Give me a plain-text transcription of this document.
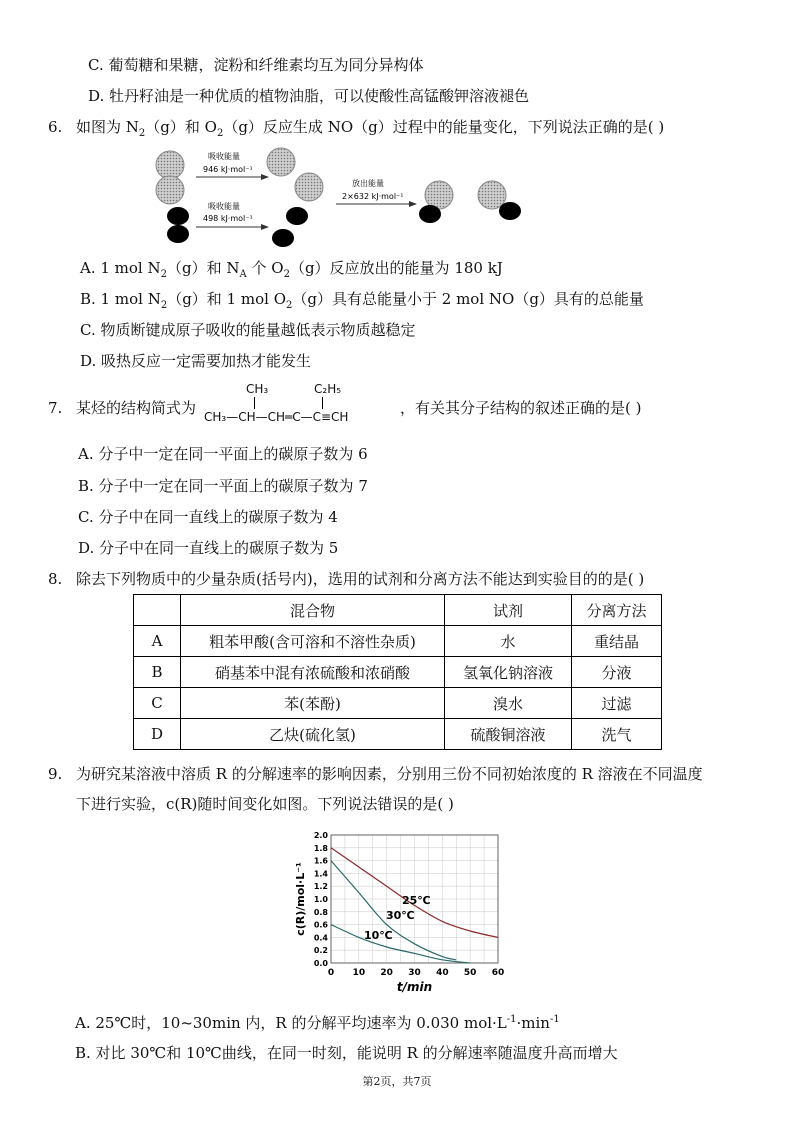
C. 葡萄糖和果糖，淀粉和纤维素均互为同分异构体
D. 牡丹籽油是一种优质的植物油脂，可以使酸性高锰酸钾溶液褪色
6. 如图为 $N_2(g)$和 $O_2(g)$反应生成 NO（g）过程中的能量变化，下列说法正确的是( )
吸收能量
946 kJ·mol⁻¹
吸收能量
498 kJ·mol⁻¹
放出能量
2×632 kJ·mol⁻¹
A. 1 mol $N_2(g)$和 $N_A$ 个 $O_2(g)$反应放出的能量为 180 kJ
B. 1 mol $N_2(g)$和 1 mol $O_2(g)$具有总能量小于 2 mol NO（g）具有的总能量
C. 物质断键成原子吸收的能量越低表示物质越稳定
D. 吸热反应一定需要加热才能发生
7. 某烃的结构简式为
CH₃	C₂H₅
CH₃—CH—CH═C—C≡CH	，有关其分子结构的叙述正确的是( )
A. 分子中一定在同一平面上的碳原子数为 6
B. 分子中一定在同一平面上的碳原子数为 7
C. 分子中在同一直线上的碳原子数为 4
D. 分子中在同一直线上的碳原子数为 5
8. 除去下列物质中的少量杂质(括号内)，选用的试剂和分离方法不能达到实验目的的是( )
	混合物	试剂	分离方法
A	粗苯甲酸(含可溶和不溶性杂质)	水	重结晶
B	硝基苯中混有浓硫酸和浓硝酸	氢氧化钠溶液	分液
C	苯(苯酚)	溴水	过滤
D	乙炔(硫化氢)	硫酸铜溶液	洗气
9. 为研究某溶液中溶质 R 的分解速率的影响因素，分别用三份不同初始浓度的 R 溶液在不同温度
下进行实验，c(R)随时间变化如图。下列说法错误的是( )
0 10 20 30 40 50 60
0.0
0.2
0.4
0.6
0.8
1.0
1.2
1.4
1.6
1.8
2.0
t/min
c(R)/mol·L⁻¹	25℃
30℃
10℃
A. 25℃时，10~30min 内，R 的分解平均速率为 0.030 $mol\cdot L^{-1}\cdot\min^{-1}$
B. 对比 30℃和 10℃曲线，在同一时刻，能说明 R 的分解速率随温度升高而增大
第2页，共7页
